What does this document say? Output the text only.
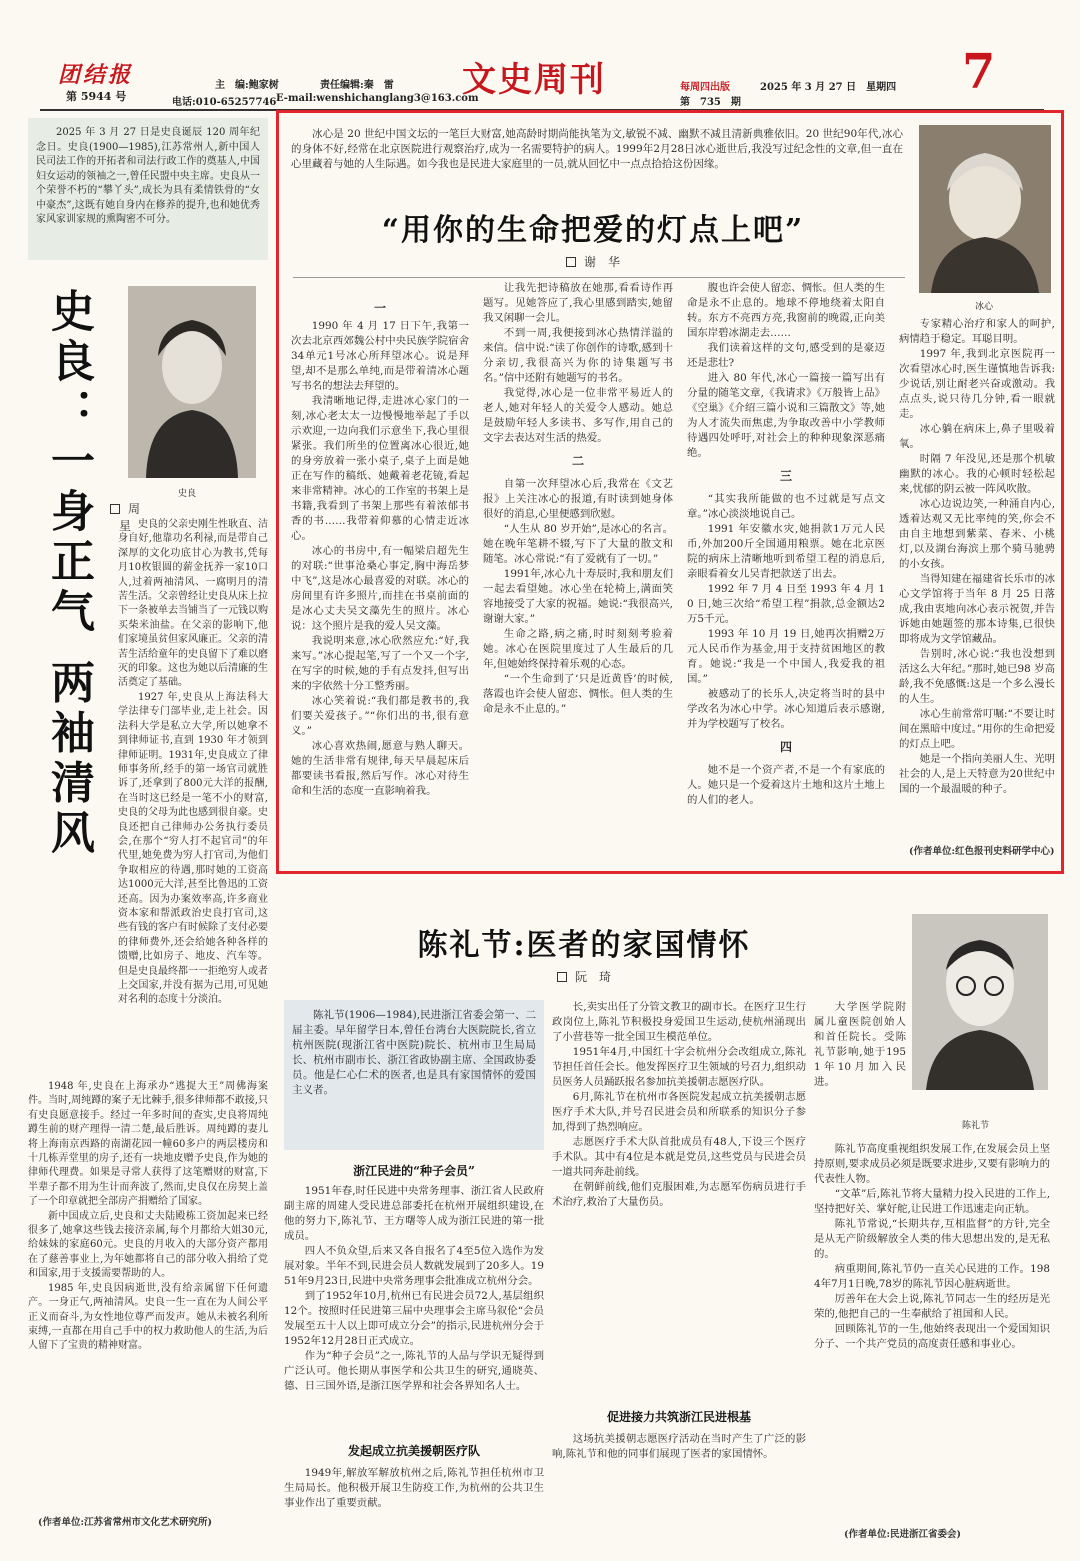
团结报
第 5944 号
主　编:鲍家树	责任编辑:秦　雷
电话:010-65257746 E-mail:wenshichanglang3@163.com
文史周刊	每周四出版
第　735　期
2025 年 3 月 27 日　星期四 7
2025 年 3 月 27 日是史良诞辰 120 周年纪念日。史良(1900—1985),江苏常州人,新中国人民司法工作的开拓者和司法行政工作的奠基人,中国妇女运动的领袖之一,曾任民盟中央主席。史良从一个荣誉不朽的“攀丫头”,成长为具有柔情铁骨的“女中豪杰”,这既有她自身内在修养的提升,也和她优秀家风家训家规的熏陶密不可分。
史良：一身正气 两袖清风	史良
周　星 史良的父亲史刚生性耿直、洁身自好,他靠功名利禄,而是带自己深厚的文化功底甘心为教书,凭每月10枚银圆的薪金抚养一家10口人,过着两袖清风、一腐明月的清苦生活。父亲曾经让史良从床上拉下一条被单去当铺当了一元钱以购买柴米油盐。在父亲的影响下,他们家境虽贫但家风廉正。父亲的清苦生活给童年的史良留下了难以磨灭的印象。这也为她以后清廉的生活奠定了基础。

1927 年,史良从上海法科大学法律专门部毕业,走上社会。因法科大学是私立大学,所以她拿不到律师证书,直到 1930 年才领到律师证明。1931年,史良成立了律师事务所,经手的第一场官司就胜诉了,还拿到了800元大洋的报酬,在当时这已经是一笔不小的财富,史良的父母为此也感到很自豪。史良还把自己律师办公务执行委员会,在那个“穷人打不起官司”的年代里,她免费为穷人打官司,为他们争取相应的待遇,那时她的工资高达1000元大洋,甚至比鲁迅的工资还高。因为办案效率高,许多商业资本家和帮派政治史良打官司,这些有钱的客户有时候除了支付必要的律师费外,还会给她各种各样的馈赠,比如房子、地皮、汽车等。但是史良最终都一一拒绝穷人或者上交国家,并没有据为己用,可见她对名利的态度十分淡泊。

1948 年,史良在上海承办“逃捉大王”周佛海案件。当时,周纯蹲的案子无比棘手,很多律师都不敢接,只有史良愿意接手。经过一年多时间的查实,史良将周纯蹲生前的财产理得一清二楚,最后胜诉。周纯蹲的妻儿将上海南京西路的南湖花园一幢60多户的两层楼房和十几栋弄堂里的房子,还有一块地皮赠予史良,作为她的律师代理费。如果是寻常人获得了这笔赠财的财富,下半辈子都不用为生计而奔波了,然而,史良仅在房契上盖了一个印章就把全部房产捐赠给了国家。

新中国成立后,史良和丈夫陆殿栋工资加起来已经很多了,她拿这些钱去接济亲属,每个月都给大姐30元,给妹妹的家庭60元。史良的月收入的大部分资产都用在了慈善事业上,为年她都将自己的部分收入捐给了党和国家,用于支援需要帮助的人。

1985 年,史良因病逝世,没有给亲属留下任何遗产。一身正气,两袖清风。史良一生一直在为人间公平正义而奋斗,为女性地位尊严而发声。她从未被名利所束缚,一直都在用自己手中的权力救助他人的生活,为后人留下了宝贵的精神财富。

(作者单位:江苏省常州市文化艺术研究所)
冰心是 20 世纪中国文坛的一笔巨大财富,她高龄时期尚能执笔为文,敏锐不减、幽默不减且清新典雅依旧。20 世纪90年代,冰心的身体不好,经常在北京医院进行观察治疗,成为一名需要特护的病人。1999年2月28日冰心逝世后,我没写过纪念性的文章,但一直在心里藏着与她的人生际遇。如今我也是民进大家庭里的一员,就从回忆中一点点拾拾这份因缘。
冰心
“用你的生命把爱的灯点上吧”
谢　华
一

1990 年 4 月 17 日下午,我第一次去北京西郊魏公村中央民族学院宿舍34单元1号冰心所拜望冰心。说是拜望,却不是那么单纯,而是带着清冰心题写书名的想法去拜望的。

我清晰地记得,走进冰心家门的一刻,冰心老太太一边慢慢地举起了手以示欢迎,一边向我们示意坐下,我心里很紧张。我们所坐的位置离冰心很近,她的身旁放着一张小桌子,桌子上面是她正在写作的稿纸、她戴着老花镜,看起来非常精神。冰心的工作室的书架上是书籍,我看到了书架上那些有着浓郁书香的书……我带着仰慕的心情走近冰心。

冰心的书房中,有一幅梁启超先生的对联:“世事沧桑心事定,胸中海岳梦中飞”,这是冰心最喜爱的对联。冰心的房间里有许多照片,而挂在书桌前面的是冰心丈夫吴文藻先生的照片。冰心说：这个照片是我的爱人吴文藻。

我说明来意,冰心欣然应允:“好,我来写。”冰心提起笔,写了一个又一个字,在写字的时候,她的手有点发抖,但写出来的字依然十分工整秀丽。

冰心笑着说:“我们都是教书的,我们要关爱孩子。”“你们出的书,很有意义。”

冰心喜欢热闹,愿意与熟人聊天。她的生活非常有规律,每天早晨起床后都要读书看报,然后写作。冰心对待生命和生活的态度一直影响着我。

让我先把诗稿放在她那,看看诗作再题写。见她答应了,我心里感到踏实,她留我又闲聊一会儿。

不到一周,我便接到冰心热情洋溢的来信。信中说:“读了你创作的诗歌,感到十分亲切,我很高兴为你的诗集题写书名。”信中还附有她题写的书名。

我觉得,冰心是一位非常平易近人的老人,她对年轻人的关爱令人感动。她总是鼓励年轻人多读书、多写作,用自己的文字去表达对生活的热爱。

二

自第一次拜望冰心后,我常在《文艺报》上关注冰心的报道,有时读到她身体很好的消息,心里便感到欣慰。

“人生从 80 岁开始”,是冰心的名言。她在晚年笔耕不辍,写下了大量的散文和随笔。冰心常说:“有了爱就有了一切。”

1991年,冰心九十寿辰时,我和朋友们一起去看望她。冰心坐在轮椅上,满面笑容地接受了大家的祝福。她说:“我很高兴,谢谢大家。”

生命之路,病之痛,时时刻刻考验着她。冰心在医院里度过了人生最后的几年,但她始终保持着乐观的心态。

“一个生命到了‘只是近黄昏’的时候,落霞也许会使人留恋、惆怅。但人类的生命是永不止息的。”

腹也许会使人留恋、惆怅。但人类的生命是永不止息的。地球不停地绕着太阳自转。东方不亮西方亮,我窗前的晚霞,正向美国东岸碧冰湖走去……

我们读着这样的文句,感受到的是豪迈还是悲壮?

进入 80 年代,冰心一篇接一篇写出有分量的随笔文章,《我请求》《万般皆上品》《空巢》《介绍三篇小说和三篇散文》等,她为人才流失而焦虑,为争取改善中小学教师待遇四处呼吁,对社会上的种种现象深恶痛绝。

三

“其实我所能做的也不过就是写点文章。”冰心淡淡地说自己。

1991 年安徽水灾,她捐款1万元人民币,外加200斤全国通用粮票。她在北京医院的病床上清晰地听到希望工程的消息后,亲眼看着女儿吴青把款送了出去。

1992 年 7 月 4 日至 1993 年 4 月 10 日,她三次给“希望工程”捐款,总金额达2万5千元。

1993 年 10 月 19 日,她再次捐赠2万元人民币作为基金,用于支持贫困地区的教育。她说:“我是一个中国人,我爱我的祖国。”

被感动了的长乐人,决定将当时的县中学改名为冰心中学。冰心知道后表示感谢,并为学校题写了校名。

四

她不是一个资产者,不是一个有家底的人。她只是一个爱着这片土地和这片土地上的人们的老人。

专家精心治疗和家人的呵护,病情趋于稳定。耳聪目明。

1997 年,我到北京医院再一次看望冰心时,医生谨慎地告诉我:少说话,别让耐老兴奋或激动。我点点头,说只待几分钟,看一眼就走。

冰心躺在病床上,鼻子里吸着氧。

时隔 7 年没见,还是那个机敏幽默的冰心。我的心顿时轻松起来,忧郁的阴云被一阵风吹散。

冰心边说边笑,一种涌自内心,透着达观又无比率纯的笑,你会不由自主地想到紫菜、春米、小桃灯,以及湖台海滨上那个骑马驰骋的小女孩。

当得知建在福建省长乐市的冰心文学馆将于当年 8 月 25 日落成,我由衷地向冰心表示祝贺,并告诉她由她题签的那本诗集,已很快即将成为文学馆藏品。

告别时,冰心说:“我也没想到活这么大年纪。”那时,她已98 岁高龄,我不免感慨:这是一个多么漫长的人生。

冰心生前常常叮嘱:“不要让时间在黑暗中度过。”用你的生命把爱的灯点上吧。

她是一个指向美丽人生、光明社会的人,是上天特意为20世纪中国的一个最温暖的种子。

(作者单位:红色报刊史料研学中心)
陈礼节:医者的家国情怀
阮　琦
陈礼节
陈礼节(1906—1984),民进浙江省委会第一、二届主委。早年留学日本,曾任台湾台大医院院长,省立杭州医院(现浙江省中医院)院长、杭州市卫生局局长、杭州市副市长、浙江省政协副主席、全国政协委员。他是仁心仁术的医者,也是具有家国情怀的爱国主义者。
浙江民进的“种子会员”

1951年春,时任民进中央常务理事、浙江省人民政府副主席的周建人受民进总部委托在杭州开展组织建设,在他的努力下,陈礼节、王方曙等人成为浙江民进的第一批成员。

四人不负众望,后来又各自报名了4至5位入选作为发展对象。半年不到,民进会员人数就发展到了20多人。1951年9月23日,民进中央常务理事会批准成立杭州分会。

到了1952年10月,杭州已有民进会员72人,基层组织12个。按照时任民进第三届中央理事会主席马叙伦“会员发展至五十人以上即可成立分会”的指示,民进杭州分会于1952年12月28日正式成立。

作为“种子会员”之一,陈礼节的人品与学识无疑得到广泛认可。他长期从事医学和公共卫生的研究,通晓英、德、日三国外语,是浙江医学界和社会各界知名人士。

发起成立抗美援朝医疗队

1949年,解放军解放杭州之后,陈礼节担任杭州市卫生局局长。他积极开展卫生防疫工作,为杭州的公共卫生事业作出了重要贡献。

长,卖实出任了分管文教卫的副市长。在医疗卫生行政岗位上,陈礼节积极投身爱国卫生运动,使杭州涌现出了小营巷等一批全国卫生模范单位。

1951年4月,中国红十字会杭州分会改组成立,陈礼节担任首任会长。他发挥医疗卫生领域的号召力,组织动员医务人员踊跃报名参加抗美援朝志愿医疗队。

6月,陈礼节在杭州市各医院发起成立抗美援朝志愿医疗手术大队,并号召民进会员和所联系的知识分子参加,得到了热烈响应。

志愿医疗手术大队首批成员有48人,下设三个医疗手术队。其中有4位是本就是党员,这些党员与民进会员一道共同奔赴前线。

在朝鲜前线,他们克服困难,为志愿军伤病员进行手术治疗,救治了大量伤员。

促进接力共筑浙江民进根基

这场抗美援朝志愿医疗活动在当时产生了广泛的影响,陈礼节和他的同事们展现了医者的家国情怀。

大学医学院附属儿童医院创始人和首任院长。受陈礼节影响,她于1951年10月加入民进。

陈礼节高度重视组织发展工作,在发展会员上坚持原则,要求成员必须是既要求进步,又要有影响力的代表性人物。

“文革”后,陈礼节将大量精力投入民进的工作上,坚持把好关、掌好舵,让民进工作迅速走向正轨。

陈礼节常说,“长期共存,互相监督”的方针,完全是从无产阶级解放全人类的伟大思想出发的,是无私的。

病重期间,陈礼节仍一直关心民进的工作。1984年7月1日晚,78岁的陈礼节因心脏病逝世。

厉善年在大会上说,陈礼节同志一生的经历是光荣的,他把自己的一生奉献给了祖国和人民。

回顾陈礼节的一生,他始终表现出一个爱国知识分子、一个共产党员的高度责任感和事业心。

(作者单位:民进浙江省委会)
